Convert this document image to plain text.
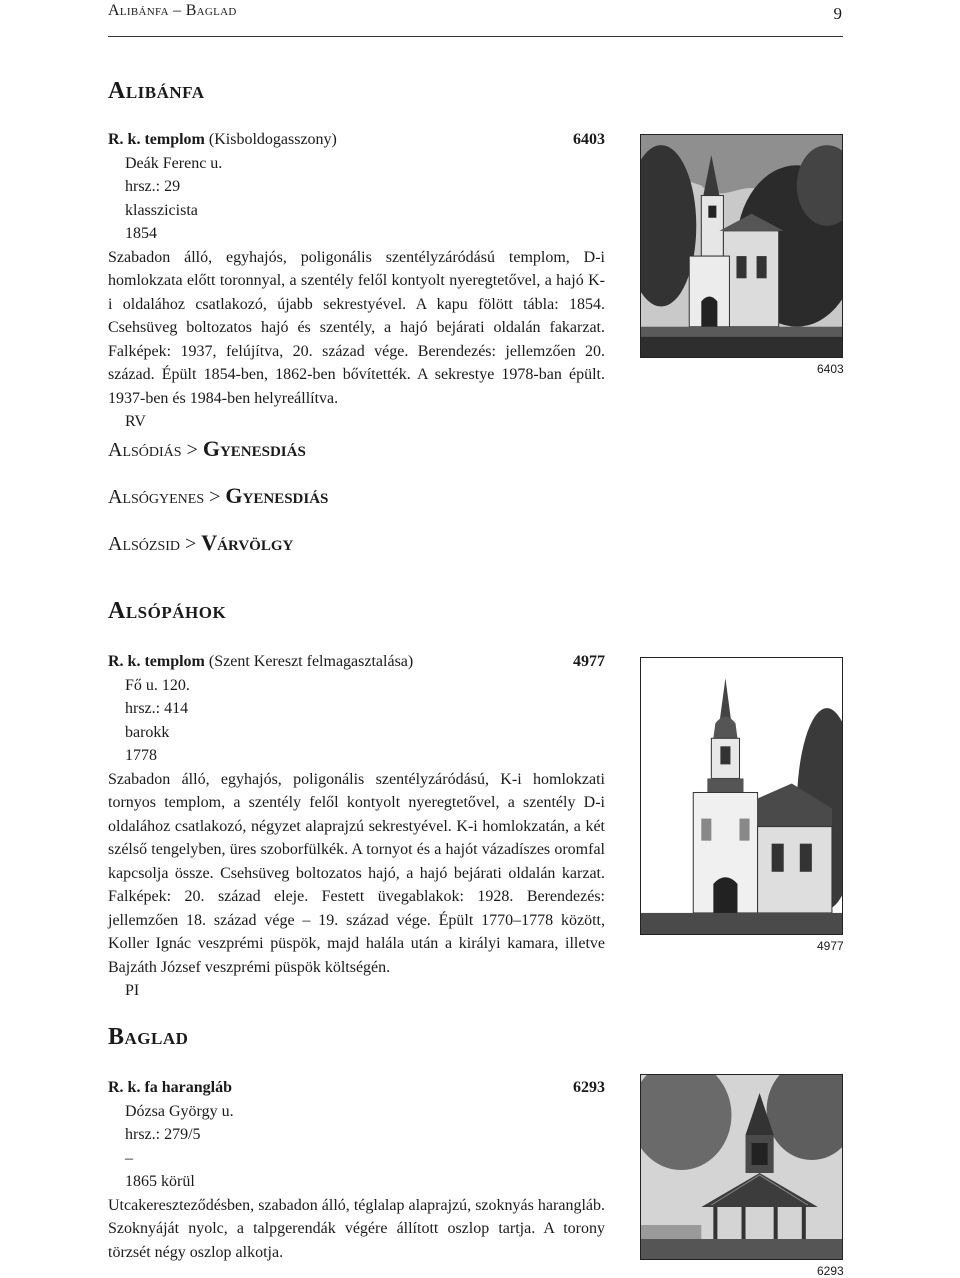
Alibánfa – Baglad	9
Alibánfa
R. k. templom (Kisboldogasszony)	6403
Deák Ferenc u.
hrsz.: 29
klasszicista
1854

Szabadon álló, egyhajós, poligonális szentélyzáródású templom, D-i homlokzata előtt toronnyal, a szentély felől kontyolt nyeregtetővel, a hajó K-i oldalához csatlakozó, újabb sekrestyével. A kapu fölött tábla: 1854. Csehsüveg boltozatos hajó és szentély, a hajó bejárati oldalán fakarzat. Falképek: 1937, felújítva, 20. század vége. Berendezés: jellemzően 20. század. Épült 1854-ben, 1862-ben bővítették. A sekrestye 1978-ban épült. 1937-ben és 1984-ben helyreállítva.

RV
6403
Alsódiás > Gyenesdiás
Alsógyenes > Gyenesdiás
Alsózsid > Várvölgy
Alsópáhok
R. k. templom (Szent Kereszt felmagasztalása)	4977
Fő u. 120.
hrsz.: 414
barokk
1778

Szabadon álló, egyhajós, poligonális szentélyzáródású, K-i homlokzati tornyos templom, a szentély felől kontyolt nyeregtetővel, a szentély D-i oldalához csatlakozó, négyzet alaprajzú sekrestyével. K-i homlokzatán, a két szélső tengelyben, üres szoborfülkék. A tornyot és a hajót vázadíszes oromfal kapcsolja össze. Csehsüveg boltozatos hajó, a hajó bejárati oldalán karzat. Falképek: 20. század eleje. Festett üvegablakok: 1928. Berendezés: jellemzően 18. század vége – 19. század vége. Épült 1770–1778 között, Koller Ignác veszprémi püspök, majd halála után a királyi kamara, illetve Bajzáth József veszprémi püspök költségén.

PI
4977
Baglad
R. k. fa harangláb	6293
Dózsa György u.
hrsz.: 279/5
–
1865 körül

Utcakereszteződésben, szabadon álló, téglalap alaprajzú, szoknyás harangláb. Szoknyáját nyolc, a talpgerendák végére állított oszlop tartja. A torony törzsét négy oszlop alkotja.

6293
